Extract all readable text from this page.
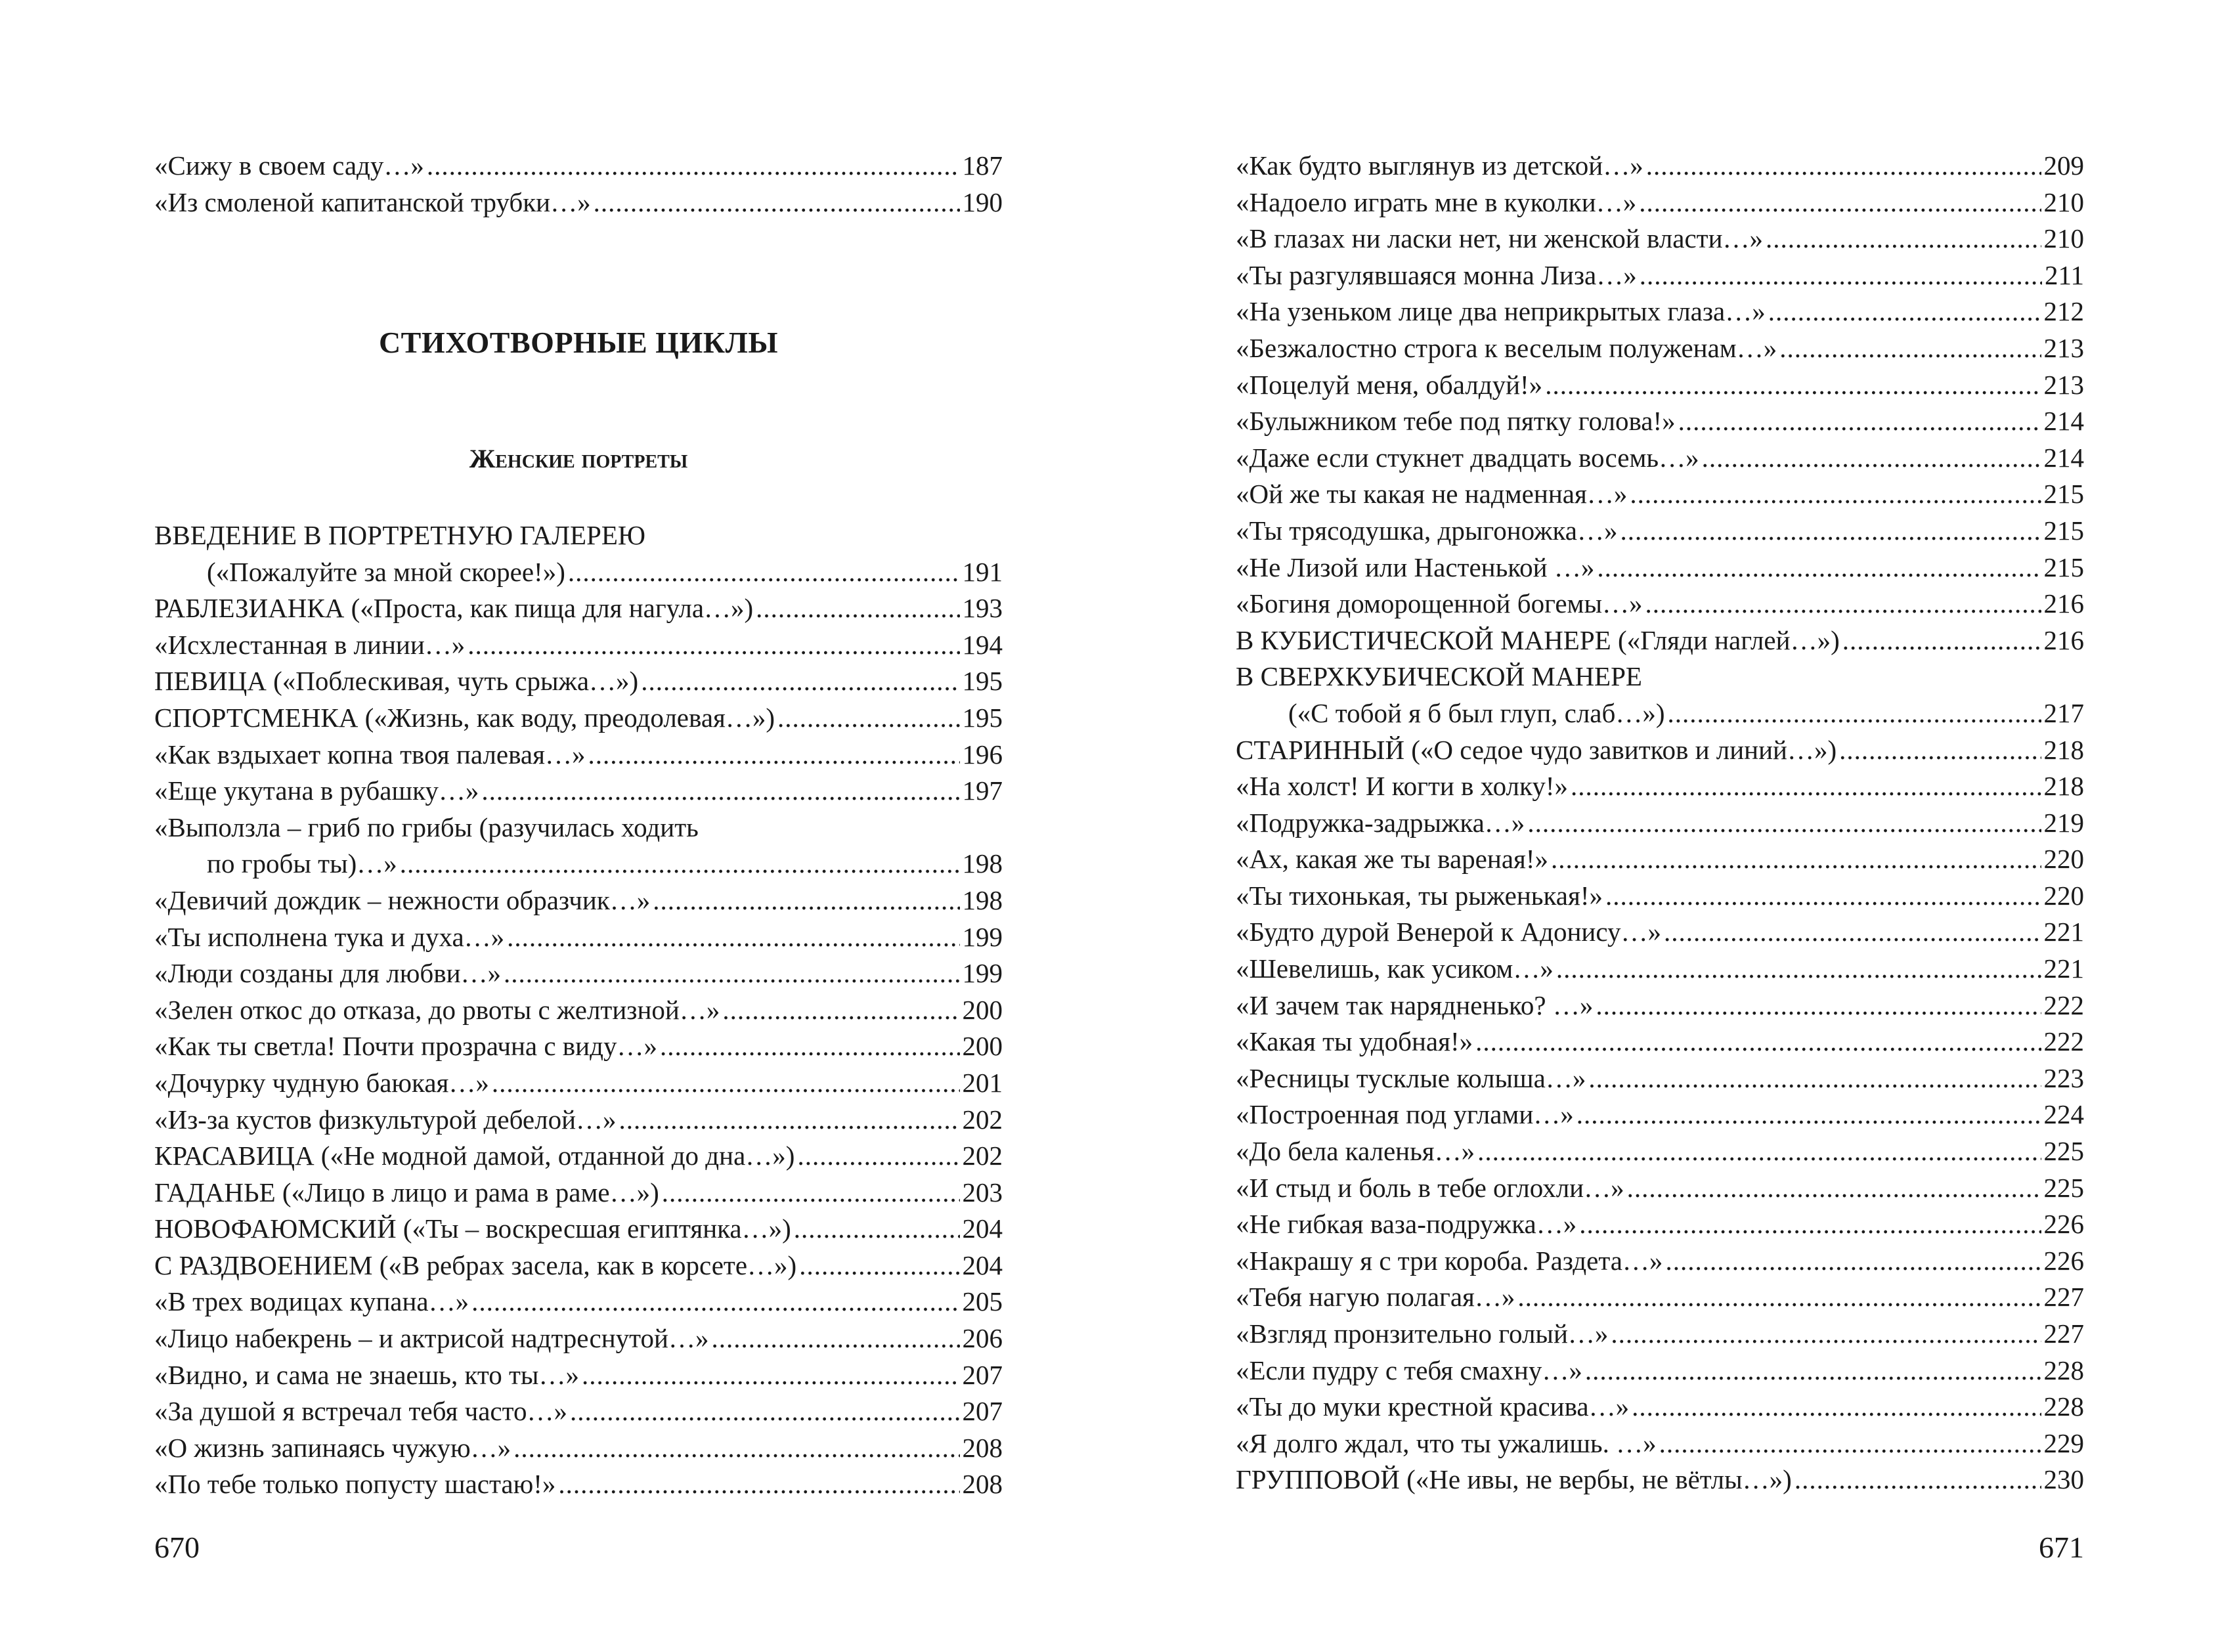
«Сижу в своем саду…» .....	187
«Из смоленой капитанской трубки…» .....	190
СТИХОТВОРНЫЕ ЦИКЛЫ
Женские портреты
ВВЕДЕНИЕ В ПОРТРЕТНУЮ ГАЛЕРЕЮ
(«Пожалуйте за мной скорее!») .....	191
РАБЛЕЗИАНКА («Проста, как пища для нагула…») .....	193
«Исхлестанная в линии…» .....	194
ПЕВИЦА («Поблескивая, чуть срыжа…») .....	195
СПОРТСМЕНКА («Жизнь, как воду, преодолевая…») .....	195
«Как вздыхает копна твоя палевая…» .....	196
«Еще укутана в рубашку…» .....	197
«Выползла – гриб по грибы (разучилась ходить
по гробы ты)…» .....	198
«Девичий дождик – нежности образчик…» .....	198
«Ты исполнена тука и духа…» .....	199
«Люди созданы для любви…» .....	199
«Зелен откос до отказа, до рвоты с желтизной…» .....	200
«Как ты светла! Почти прозрачна с виду…» .....	200
«Дочурку чудную баюкая…» .....	201
«Из-за кустов физкультурой дебелой…» .....	202
КРАСАВИЦА («Не модной дамой, отданной до дна…») .....	202
ГАДАНЬЕ («Лицо в лицо и рама в раме…») .....	203
НОВОФАЮМСКИЙ («Ты – воскресшая египтянка…») .....	204
С РАЗДВОЕНИЕМ («В ребрах засела, как в корсете…») .....	204
«В трех водицах купана…» .....	205
«Лицо набекрень – и актрисой надтреснутой…» .....	206
«Видно, и сама не знаешь, кто ты…» .....	207
«За душой я встречал тебя часто…» .....	207
«О жизнь запинаясь чужую…» .....	208
«По тебе только попусту шастаю!» .....	208
670
«Как будто выглянув из детской…» .....	209
«Надоело играть мне в куколки…» .....	210
«В глазах ни ласки нет, ни женской власти…» .....	210
«Ты разгулявшаяся монна Лиза…» .....	211
«На узеньком лице два неприкрытых глаза…» .....	212
«Безжалостно строга к веселым полуженам…» .....	213
«Поцелуй меня, обалдуй!» .....	213
«Булыжником тебе под пятку голова!» .....	214
«Даже если стукнет двадцать восемь…» .....	214
«Ой же ты какая не надменная…» .....	215
«Ты трясодушка, дрыгоножка…» .....	215
«Не Лизой или Настенькой …» .....	215
«Богиня доморощенной богемы…» .....	216
В КУБИСТИЧЕСКОЙ МАНЕРЕ («Гляди наглей…») .....	216
В СВЕРХКУБИЧЕСКОЙ МАНЕРЕ
(«С тобой я б был глуп, слаб…») .....	217
СТАРИННЫЙ («О седое чудо завитков и линий…») .....	218
«На холст! И когти в холку!» .....	218
«Подружка-задрыжка…» .....	219
«Ах, какая же ты вареная!» .....	220
«Ты тихонькая, ты рыженькая!» .....	220
«Будто дурой Венерой к Адонису…» .....	221
«Шевелишь, как усиком…» .....	221
«И зачем так нарядненько? …» .....	222
«Какая ты удобная!» .....	222
«Ресницы тусклые колыша…» .....	223
«Построенная под углами…» .....	224
«До бела каленья…» .....	225
«И стыд и боль в тебе оглохли…» .....	225
«Не гибкая ваза-подружка…» .....	226
«Накрашу я с три короба. Раздета…» .....	226
«Тебя нагую полагая…» .....	227
«Взгляд пронзительно голый…» .....	227
«Если пудру с тебя смахну…» .....	228
«Ты до муки крестной красива…» .....	228
«Я долго ждал, что ты ужалишь. …» .....	229
ГРУППОВОЙ («Не ивы, не вербы, не вётлы…») .....	230
671
